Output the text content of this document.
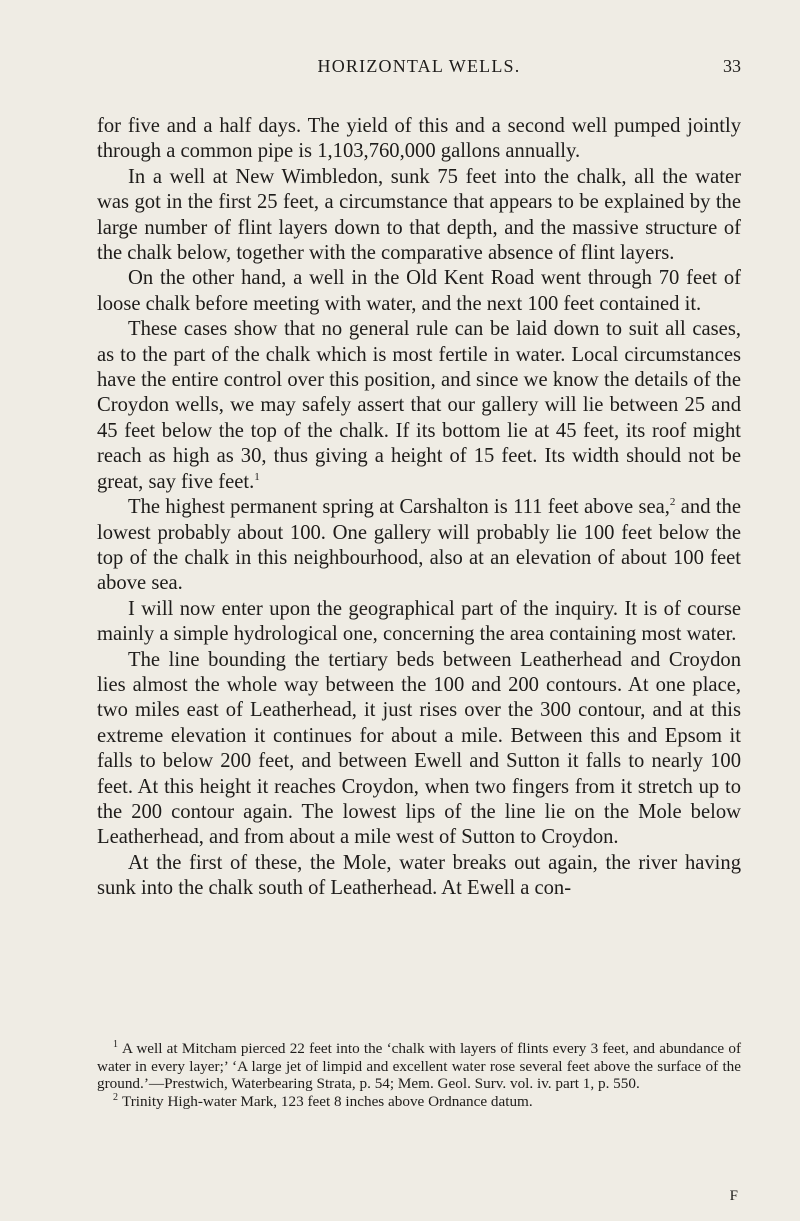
HORIZONTAL WELLS.	33

for five and a half days. The yield of this and a second well pumped jointly through a common pipe is 1,103,760,000 gallons annually.

In a well at New Wimbledon, sunk 75 feet into the chalk, all the water was got in the first 25 feet, a circumstance that appears to be explained by the large number of flint layers down to that depth, and the massive structure of the chalk below, together with the comparative absence of flint layers.

On the other hand, a well in the Old Kent Road went through 70 feet of loose chalk before meeting with water, and the next 100 feet contained it.

These cases show that no general rule can be laid down to suit all cases, as to the part of the chalk which is most fertile in water. Local circumstances have the entire control over this position, and since we know the details of the Croydon wells, we may safely assert that our gallery will lie between 25 and 45 feet below the top of the chalk. If its bottom lie at 45 feet, its roof might reach as high as 30, thus giving a height of 15 feet. Its width should not be great, say five feet.$^1$

The highest permanent spring at Carshalton is 111 feet above sea,$^2$ and the lowest probably about 100. One gallery will probably lie 100 feet below the top of the chalk in this neighbourhood, also at an elevation of about 100 feet above sea.

I will now enter upon the geographical part of the inquiry. It is of course mainly a simple hydrological one, concerning the area containing most water.

The line bounding the tertiary beds between Leatherhead and Croydon lies almost the whole way between the 100 and 200 contours. At one place, two miles east of Leatherhead, it just rises over the 300 contour, and at this extreme elevation it continues for about a mile. Between this and Epsom it falls to below 200 feet, and between Ewell and Sutton it falls to nearly 100 feet. At this height it reaches Croydon, when two fingers from it stretch up to the 200 contour again. The lowest lips of the line lie on the Mole below Leatherhead, and from about a mile west of Sutton to Croydon.

At the first of these, the Mole, water breaks out again, the river having sunk into the chalk south of Leatherhead. At Ewell a con-

$^1$ A well at Mitcham pierced 22 feet into the ‘chalk with layers of flints every 3 feet, and abundance of water in every layer;’ ‘A large jet of limpid and excellent water rose several feet above the surface of the ground.’—Prestwich, Waterbearing Strata, p. 54; Mem. Geol. Surv. vol. iv. part 1, p. 550.

$^2$ Trinity High-water Mark, 123 feet 8 inches above Ordnance datum.

F
